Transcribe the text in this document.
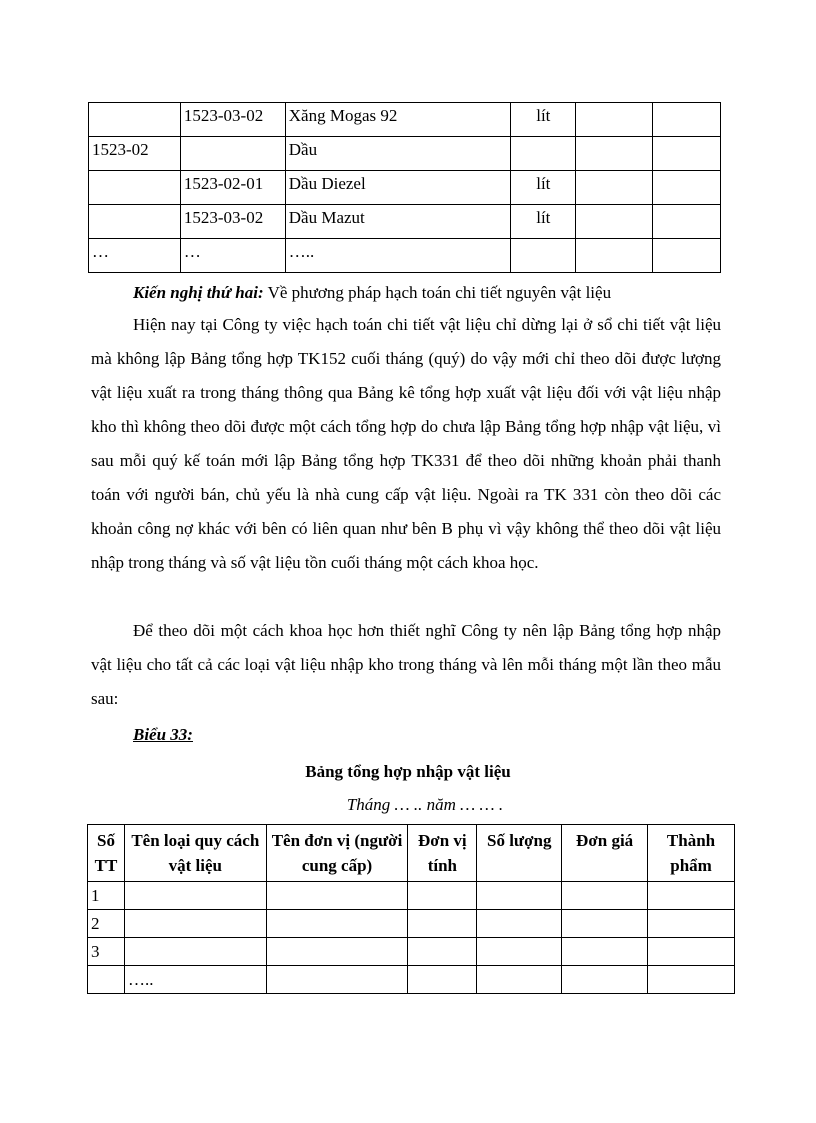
	1523-03-02	Xăng Mogas 92	lít		
1523-02		Dầu			
	1523-02-01	Dầu Diezel	lít		
	1523-03-02	Dầu Mazut	lít		
…	…	…..			

Kiến nghị thứ hai: Về phương pháp hạch toán chi tiết nguyên vật liệu

Hiện nay tại Công ty việc hạch toán chi tiết vật liệu chỉ dừng lại ở sổ chi tiết vật liệu mà không lập Bảng tổng hợp TK152 cuối tháng (quý) do vậy mới chỉ theo dõi được lượng vật liệu xuất ra trong tháng thông qua Bảng kê tổng hợp xuất vật liệu đối với vật liệu nhập kho thì không theo dõi được một cách tổng hợp do chưa lập Bảng tổng hợp nhập vật liệu, vì sau mỗi quý kế toán mới lập Bảng tổng hợp TK331 để theo dõi những khoản phải thanh toán với người bán, chủ yếu là nhà cung cấp vật liệu. Ngoài ra TK 331 còn theo dõi các khoản công nợ khác với bên có liên quan như bên B phụ vì vậy không thể theo dõi vật liệu nhập trong tháng và số vật liệu tồn cuối tháng một cách khoa học.

Để theo dõi một cách khoa học hơn thiết nghĩ Công ty nên lập Bảng tổng hợp nhập vật liệu cho tất cả các loại vật liệu nhập kho trong tháng và lên mỗi tháng một lần theo mẫu sau:

Biểu 33:
Bảng tổng hợp nhập vật liệu
Tháng … .. năm … … .
Số TT	Tên loại quy cách vật liệu	Tên đơn vị (người cung cấp)	Đơn vị tính	Số lượng	Đơn giá	Thành phẩm
1						
2						
3						
	…..					
